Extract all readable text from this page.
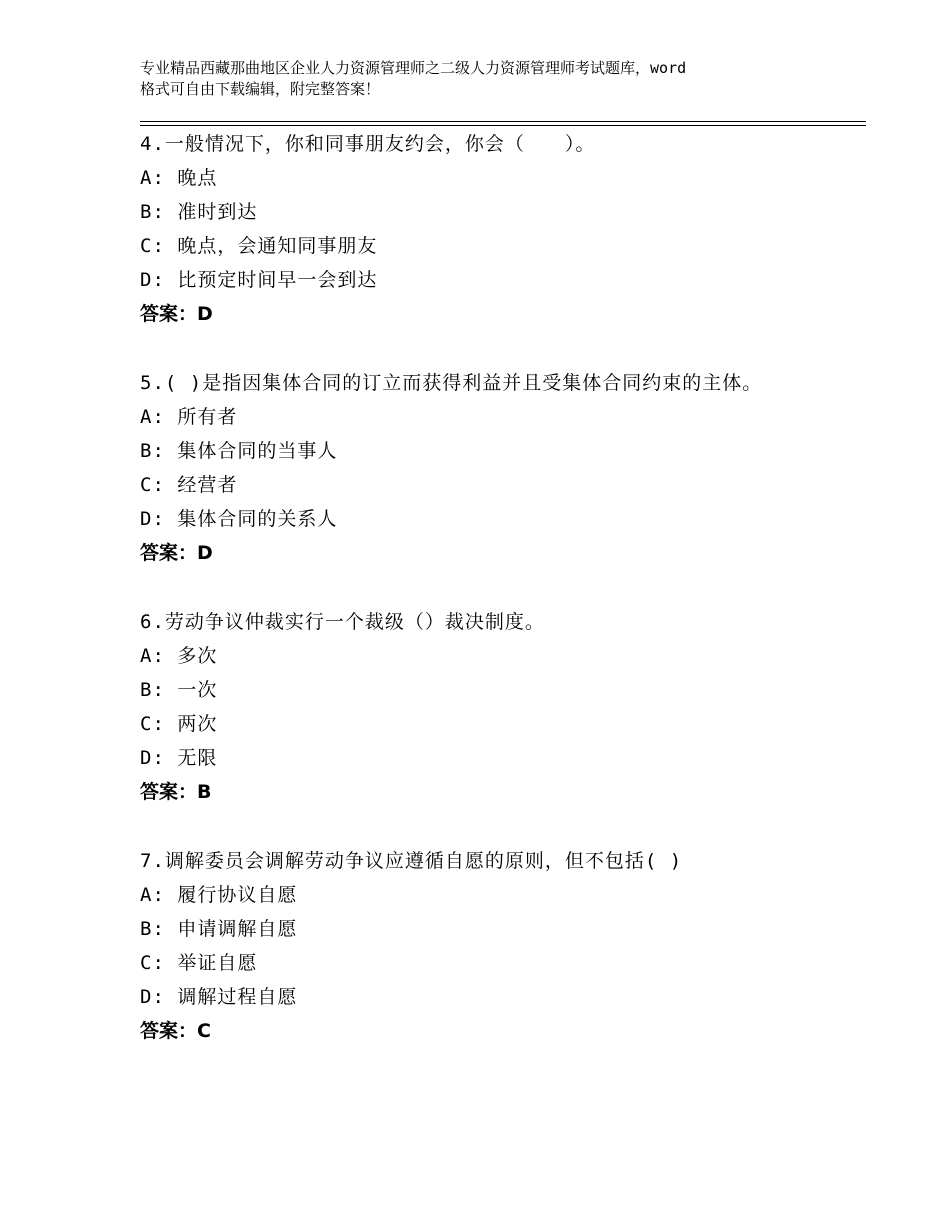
专业精品西藏那曲地区企业人力资源管理师之二级人力资源管理师考试题库，word
格式可自由下载编辑，附完整答案！
4.一般情况下，你和同事朋友约会，你会（　　）。
A: 晚点
B: 准时到达
C: 晚点，会通知同事朋友
D: 比预定时间早一会到达
答案：D
5.( )是指因集体合同的订立而获得利益并且受集体合同约束的主体。
A: 所有者
B: 集体合同的当事人
C: 经营者
D: 集体合同的关系人
答案：D
6.劳动争议仲裁实行一个裁级（）裁决制度。
A: 多次
B: 一次
C: 两次
D: 无限
答案：B
7.调解委员会调解劳动争议应遵循自愿的原则，但不包括( )
A: 履行协议自愿
B: 申请调解自愿
C: 举证自愿
D: 调解过程自愿
答案：C
